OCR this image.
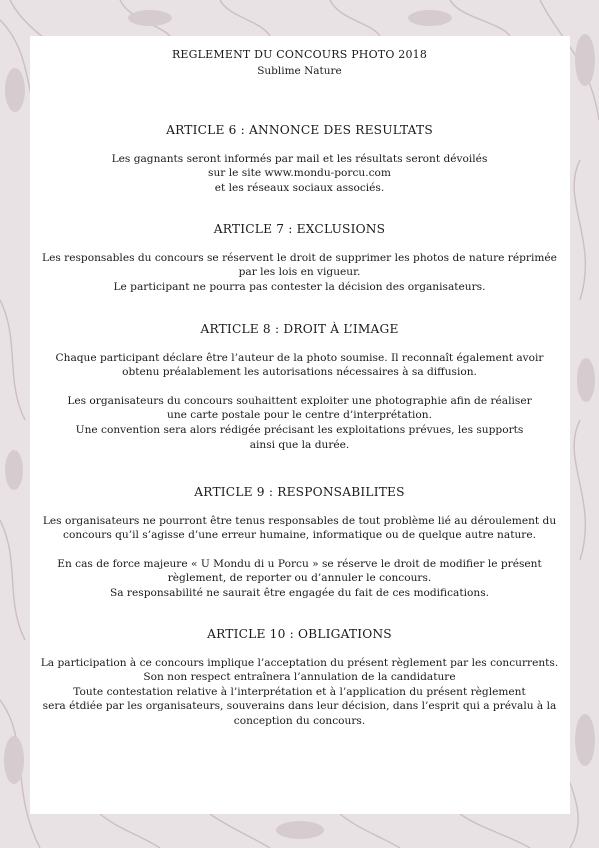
REGLEMENT DU CONCOURS PHOTO 2018
Sublime Nature
ARTICLE 6 : ANNONCE DES RESULTATS

Les gagnants seront informés par mail et les résultats seront dévoilés
sur le site www.mondu-porcu.com
et les réseaux sociaux associés.

ARTICLE 7 : EXCLUSIONS

Les responsables du concours se réservent le droit de supprimer les photos de nature réprimée
par les lois en vigueur.
Le participant ne pourra pas contester la décision des organisateurs.

ARTICLE 8 : DROIT À L’IMAGE

Chaque participant déclare être l’auteur de la photo soumise. Il reconnaît également avoir
obtenu préalablement les autorisations nécessaires à sa diffusion.

Les organisateurs du concours souhaittent exploiter une photographie afin de réaliser
une carte postale pour le centre d’interprétation.
Une convention sera alors rédigée précisant les exploitations prévues, les supports
ainsi que la durée.

ARTICLE 9 : RESPONSABILITES

Les organisateurs ne pourront être tenus responsables de tout problème lié au déroulement du
concours qu’il s’agisse d’une erreur humaine, informatique ou de quelque autre nature.

En cas de force majeure « U Mondu di u Porcu » se réserve le droit de modifier le présent
règlement, de reporter ou d’annuler le concours.
Sa responsabilité ne saurait être engagée du fait de ces modifications.

ARTICLE 10 : OBLIGATIONS

La participation à ce concours implique l’acceptation du présent règlement par les concurrents.
Son non respect entraînera l’annulation de la candidature
Toute contestation relative à l’interprétation et à l’application du présent règlement
sera étdiée par les organisateurs, souverains dans leur décision, dans l’esprit qui a prévalu à la
conception du concours.
